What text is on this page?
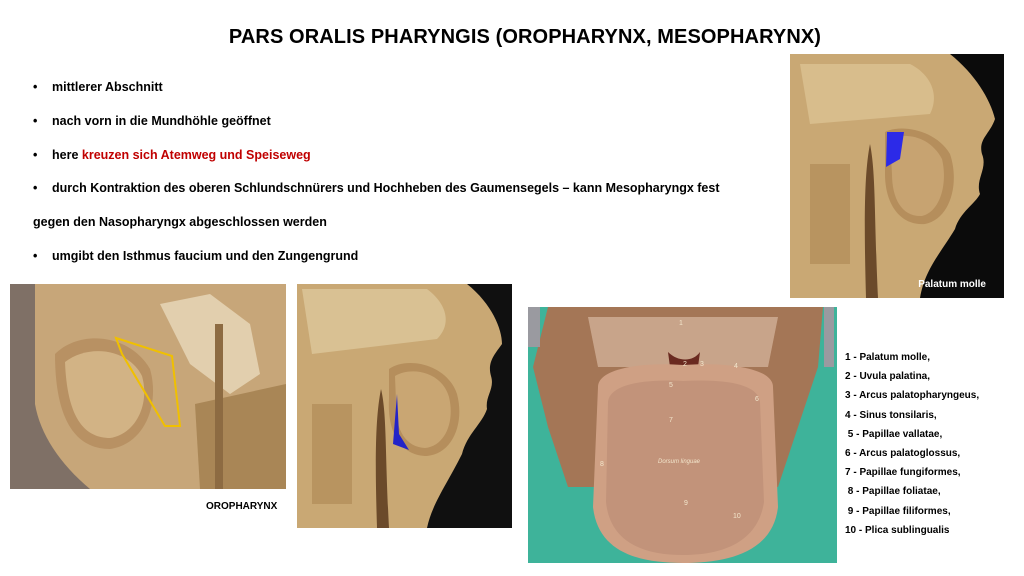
PARS ORALIS PHARYNGIS (OROPHARYNX, MESOPHARYNX)
• mittlerer Abschnitt
• nach vorn in die Mundhöhle geöffnet
• here kreuzen sich Atemweg und Speiseweg
• durch Kontraktion des oberen Schlundschnürers und Hochheben des Gaumensegels – kann Mesopharyngx fest
gegen den Nasopharyngx abgeschlossen werden
• umgibt den Isthmus faucium und den Zungengrund
Palatum molle
OROPHARYNX
1
2 3	4
5
6
7
8
9
10
Dorsum linguae
1 - Palatum molle,
2 - Uvula palatina,
3 - Arcus palatopharyngeus,
4 - Sinus tonsilaris,
5 - Papillae vallatae,
6 - Arcus palatoglossus,
7 - Papillae fungiformes,
8 - Papillae foliatae,
9 - Papillae filiformes,
10 - Plica sublingualis
